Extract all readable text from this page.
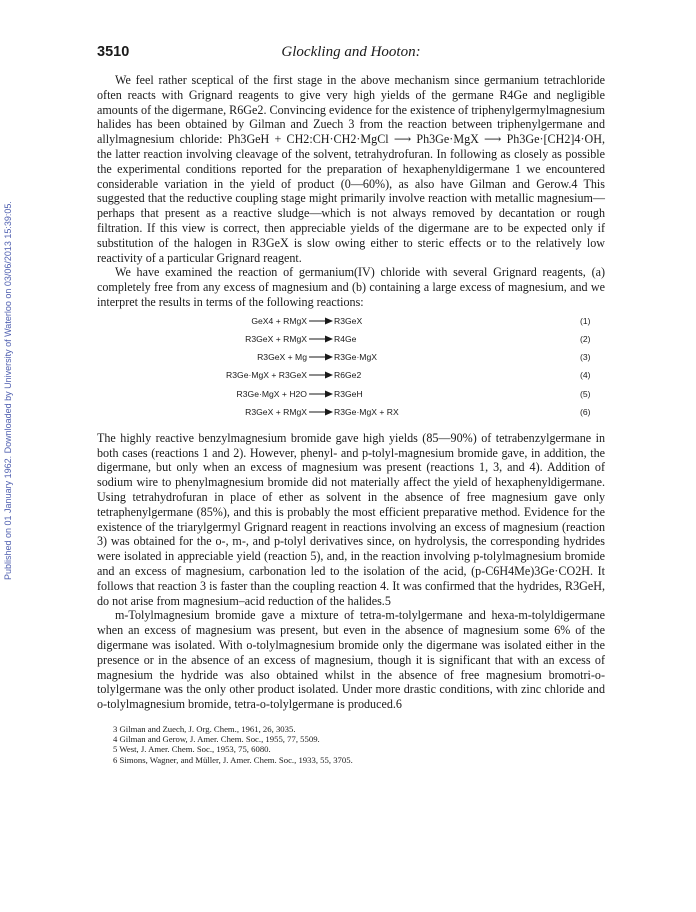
Published on 01 January 1962. Downloaded by University of Waterloo on 03/06/2013 15:39:05.
3510	Glockling and Hooton:

We feel rather sceptical of the first stage in the above mechanism since germanium tetrachloride often reacts with Grignard reagents to give very high yields of the germane R4Ge and negligible amounts of the digermane, R6Ge2. Convincing evidence for the existence of triphenylgermylmagnesium halides has been obtained by Gilman and Zuech 3 from the reaction between triphenylgermane and allylmagnesium chloride: Ph3GeH + CH2:CH·CH2·MgCl ⟶ Ph3Ge·MgX ⟶ Ph3Ge·[CH2]4·OH, the latter reaction involving cleavage of the solvent, tetrahydrofuran. In following as closely as possible the experimental conditions reported for the preparation of hexaphenyldigermane 1 we encountered considerable variation in the yield of product (0—60%), as also have Gilman and Gerow.4 This suggested that the reductive coupling stage might primarily involve reaction with metallic magnesium—perhaps that present as a reactive sludge—which is not always removed by decantation or rough filtration. If this view is correct, then appreciable yields of the digermane are to be expected only if substitution of the halogen in R3GeX is slow owing either to steric effects or to the relatively low reactivity of a particular Grignard reagent.

We have examined the reaction of germanium(IV) chloride with several Grignard reagents, (a) completely free from any excess of magnesium and (b) containing a large excess of magnesium, and we interpret the results in terms of the following reactions:

GeX4 + RMgX → R3GeX	(1)
R3GeX + RMgX → R4Ge	(2)
R3GeX + Mg → R3Ge·MgX	(3)
R3Ge·MgX + R3GeX → R6Ge2	(4)
R3Ge·MgX + H2O → R3GeH	(5)
R3GeX + RMgX → R3Ge·MgX + RX	(6)

The highly reactive benzylmagnesium bromide gave high yields (85—90%) of tetrabenzylgermane in both cases (reactions 1 and 2). However, phenyl- and p-tolyl-magnesium bromide gave, in addition, the digermane, but only when an excess of magnesium was present (reactions 1, 3, and 4). Addition of sodium wire to phenylmagnesium bromide did not materially affect the yield of hexaphenyldigermane. Using tetrahydrofuran in place of ether as solvent in the absence of free magnesium gave only tetraphenylgermane (85%), and this is probably the most efficient preparative method. Evidence for the existence of the triarylgermyl Grignard reagent in reactions involving an excess of magnesium (reaction 3) was obtained for the o-, m-, and p-tolyl derivatives since, on hydrolysis, the corresponding hydrides were isolated in appreciable yield (reaction 5), and, in the reaction involving p-tolylmagnesium bromide and an excess of magnesium, carbonation led to the isolation of the acid, (p-C6H4Me)3Ge·CO2H. It follows that reaction 3 is faster than the coupling reaction 4. It was confirmed that the hydrides, R3GeH, do not arise from magnesium–acid reduction of the halides.5

m-Tolylmagnesium bromide gave a mixture of tetra-m-tolylgermane and hexa-m-tolyldigermane when an excess of magnesium was present, but even in the absence of magnesium some 6% of the digermane was isolated. With o-tolylmagnesium bromide only the digermane was isolated either in the presence or in the absence of an excess of magnesium, though it is significant that with an excess of magnesium the hydride was also obtained whilst in the absence of free magnesium bromotri-o-tolylgermane was the only other product isolated. Under more drastic conditions, with zinc chloride and o-tolylmagnesium bromide, tetra-o-tolylgermane is produced.6

3 Gilman and Zuech, J. Org. Chem., 1961, 26, 3035.
4 Gilman and Gerow, J. Amer. Chem. Soc., 1955, 77, 5509.
5 West, J. Amer. Chem. Soc., 1953, 75, 6080.
6 Simons, Wagner, and Müller, J. Amer. Chem. Soc., 1933, 55, 3705.
